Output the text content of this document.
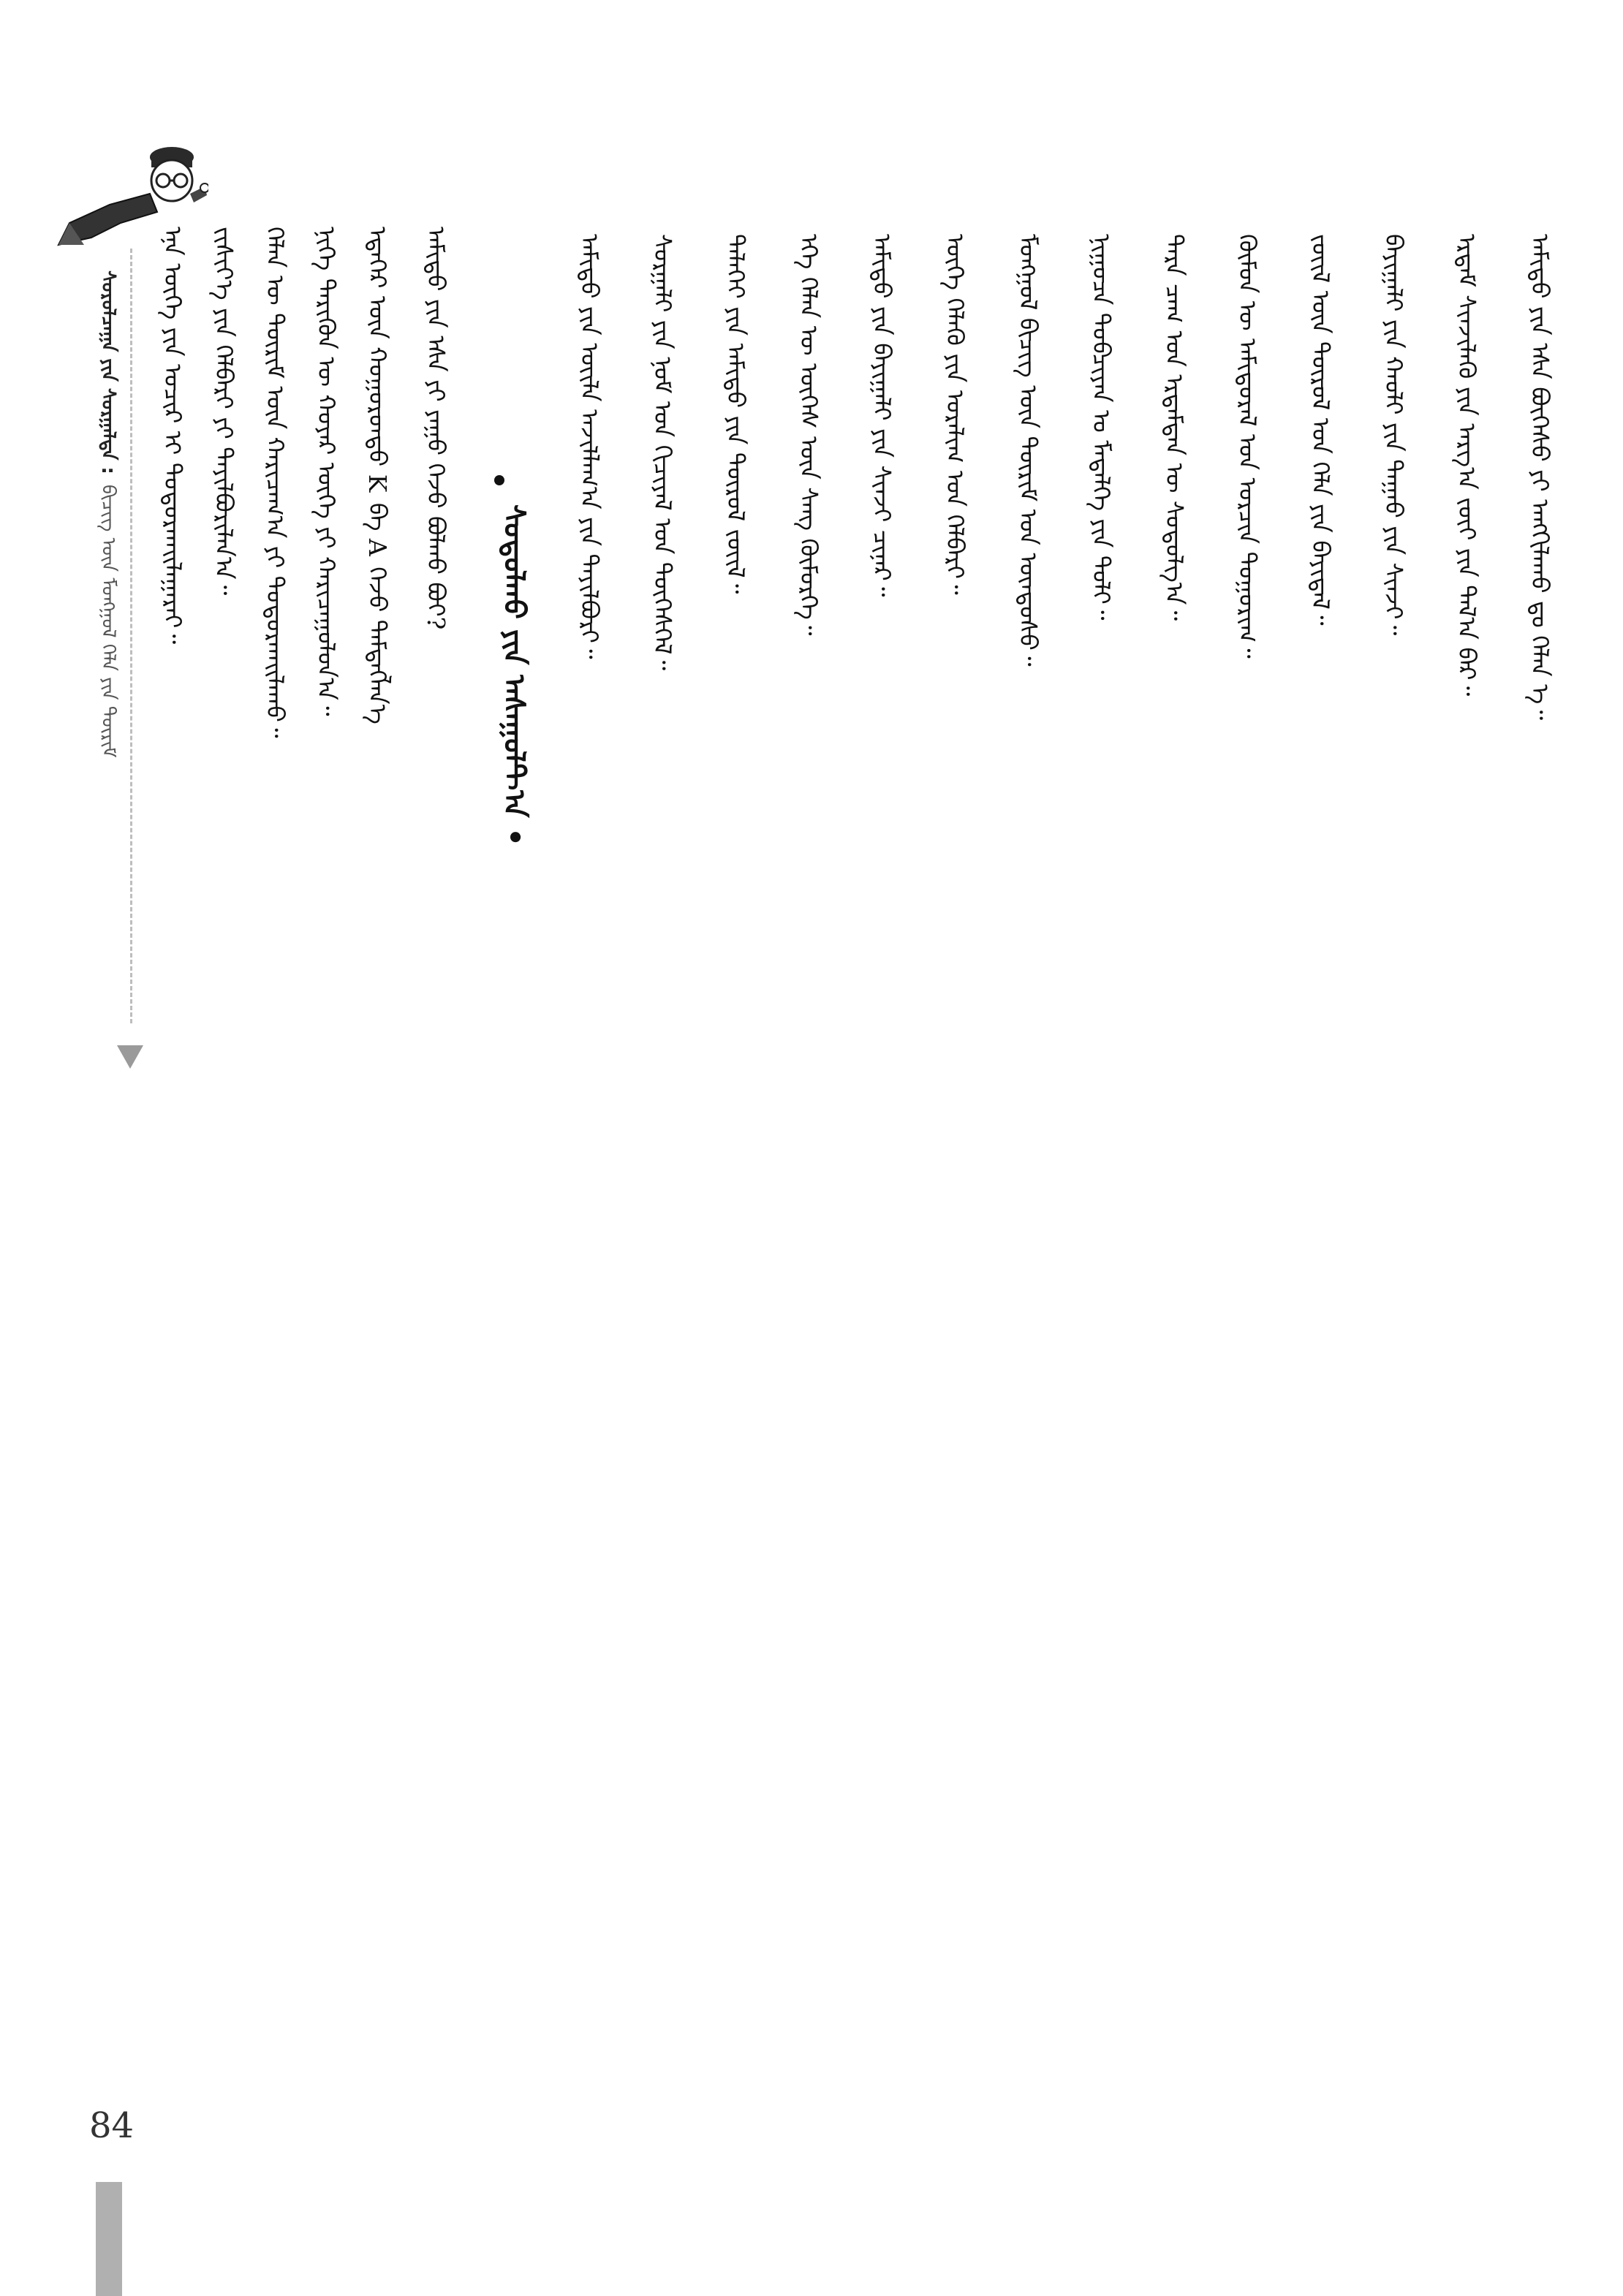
ᠰᠤᠷᠤᠯᠴᠠᠭᠠ ᠶᠢᠨ ᠰᠤᠷᠭᠠᠯᠲᠠ :
ᠪᠢᠴᠢᠭ᠌ ᠦᠨ ᠮᠣᠩᠭᠣᠯ ᠬᠡᠯᠡ ᠶᠢᠨ ᠳᠦᠷᠢᠮ	ᠠᠮᠢᠳᠤ ᠶᠢᠨ ᠦᠢᠯᠡ ᠠᠵᠢᠯᠯᠠᠭ᠎ᠠ ᠶᠢᠨ ᠲᠠᠶᠢᠯᠪᠤᠷᠢ᠃ ᠰᠤᠷᠭᠠᠯᠢ ᠶᠢᠨ ᠨᠣᠮ ᠤᠨ ᠬᠢᠴᠢᠶᠡᠯ ᠤᠨ ᠲᠥᠭᠡᠰᠬᠡᠯ᠃ ᠳᠡᠯᠡᠬᠡᠢ ᠶᠢᠨ ᠠᠮᠢᠳᠤ ᠶᠢᠨ ᠲᠦᠷᠦᠯ ᠵᠦᠢᠯ᠃ ᠡᠬᠡ ᠬᠡᠯᠡᠨ ᠦ ᠦᠭᠡᠰ ᠦᠨ ᠰᠠᠩ ᠬᠥᠮᠥᠷᠭᠡ᠃ ᠠᠮᠢᠳᠤ ᠶᠢᠨ ᠪᠠᠶᠢᠭᠠᠯᠢ ᠶᠢᠨ ᠰᠢᠨᠵᠢ ᠴᠢᠨᠠᠷ᠃ ᠦᠭᠡ ᠬᠡᠯᠡᠬᠦ ᠶᠢᠨ ᠤᠷᠠᠯᠢᠭ ᠤᠨ ᠬᠡᠯᠪᠡᠷᠢ᠃ ᠮᠣᠩᠭᠣᠯ ᠪᠢᠴᠢᠭ ᠦᠨ ᠳᠦᠷᠢᠮ ᠤᠨ ᠦᠨᠳᠦᠰᠦ᠃ ᠨᠢᠭᠤᠴᠠ ᠲᠣᠪᠴᠢᠶᠠᠨ ᠤ ᠮᠡᠳᠡᠯᠭᠡ ᠶᠢᠨ ᠲᠣᠯᠢ᠃ ᠲᠡᠷᠡ ᠴᠠᠭ ᠤᠨ ᠡᠷᠳᠡᠮᠲᠡᠨ ᠦ ᠰᠤᠳᠤᠯᠭ᠎ᠠ᠃ ᠬᠦᠮᠦᠨ ᠦ ᠠᠮᠢᠳᠤᠷᠠᠯ ᠤᠨ ᠣᠷᠴᠢᠨ ᠲᠣᠭᠣᠷᠢᠭ᠃ ᠵᠦᠢᠯ ᠦᠨ ᠲᠥᠷᠥᠯ ᠤᠨ ᠬᠡᠯᠡ ᠶᠢᠨ ᠪᠠᠶᠢᠳᠠᠯ᠃ ᠪᠠᠶᠢᠭᠠᠯᠢ ᠶᠢᠨ ᠬᠠᠤᠯᠢ ᠶᠢᠨ ᠳᠠᠭᠠᠤ ᠶᠢᠨ ᠰᠢᠨᠵᠢ᠃ ᠡᠷᠳᠡᠮ ᠰᠢᠨᠵᠢᠯᠡᠬᠦ ᠶᠢᠨ ᠠᠷᠭ᠎ᠠ ᠵᠦᠢ ᠶᠢᠨ ᠲᠠᠯ᠎ᠠ ᠪᠡᠷ᠃ ᠠᠮᠢᠳᠤ ᠶᠢᠨ ᠡᠰᠡ ᠪᠥᠭᠡᠰᠦ ᠶᠢ ᠠᠩᠭᠢᠯᠠᠬᠤ ᠳᠤ ᠬᠡᠯᠡᠨ ᠡ᠃
ᠰᠣᠳᠤᠯᠬᠤ ᠶᠢᠨ ᠠᠰᠠᠭᠤᠯᠲ᠎ᠠ •
ᠠᠮᠢᠳᠤ ᠶᠢᠨ ᠡᠰᠡ ᠶᠢ ᠶᠠᠭᠤ ᠭᠡᠵᠦ ᠪᠣᠯᠬᠤ ᠪᠣᠢ?
ᠡᠳᠡᠭᠡᠷ ᠦᠨ ᠬᠣᠭᠣᠷᠤᠨᠳᠤ K ᠪᠠ A ᠭᠡᠵᠦ ᠲᠡᠮᠳᠡᠭᠯᠡᠨ᠎ᠡ
ᠨᠢᠭᠡ ᠲᠡᠷᠢᠭᠦᠨ ᠦ ᠬᠣᠶᠠᠷ ᠦᠭᠡ ᠶᠢ ᠬᠠᠷᠢᠴᠠᠭᠤᠯᠤᠨ᠎ᠠ᠃
ᠬᠡᠯᠡᠨ ᠦ ᠳᠦᠷᠢᠮ ᠦᠨ ᠬᠠᠷᠢᠴᠠᠭ᠎ᠠ ᠶᠢ ᠲᠣᠳᠣᠷᠬᠠᠢᠯᠠᠬᠤ᠃
ᠵᠢᠱᠢᠶ᠎ᠡ ᠶᠢᠨ ᠬᠡᠯᠪᠡᠷᠢ ᠶᠢ ᠲᠠᠶᠢᠯᠪᠤᠷᠢᠯᠠᠨ᠎ᠠ᠃
ᠡᠨᠡ ᠦᠭᠡ ᠶᠢᠨ ᠤᠴᠢᠷ ᠢ ᠲᠣᠳᠣᠷᠬᠠᠢᠯᠠᠭᠠᠷᠠᠢ᠃
84
